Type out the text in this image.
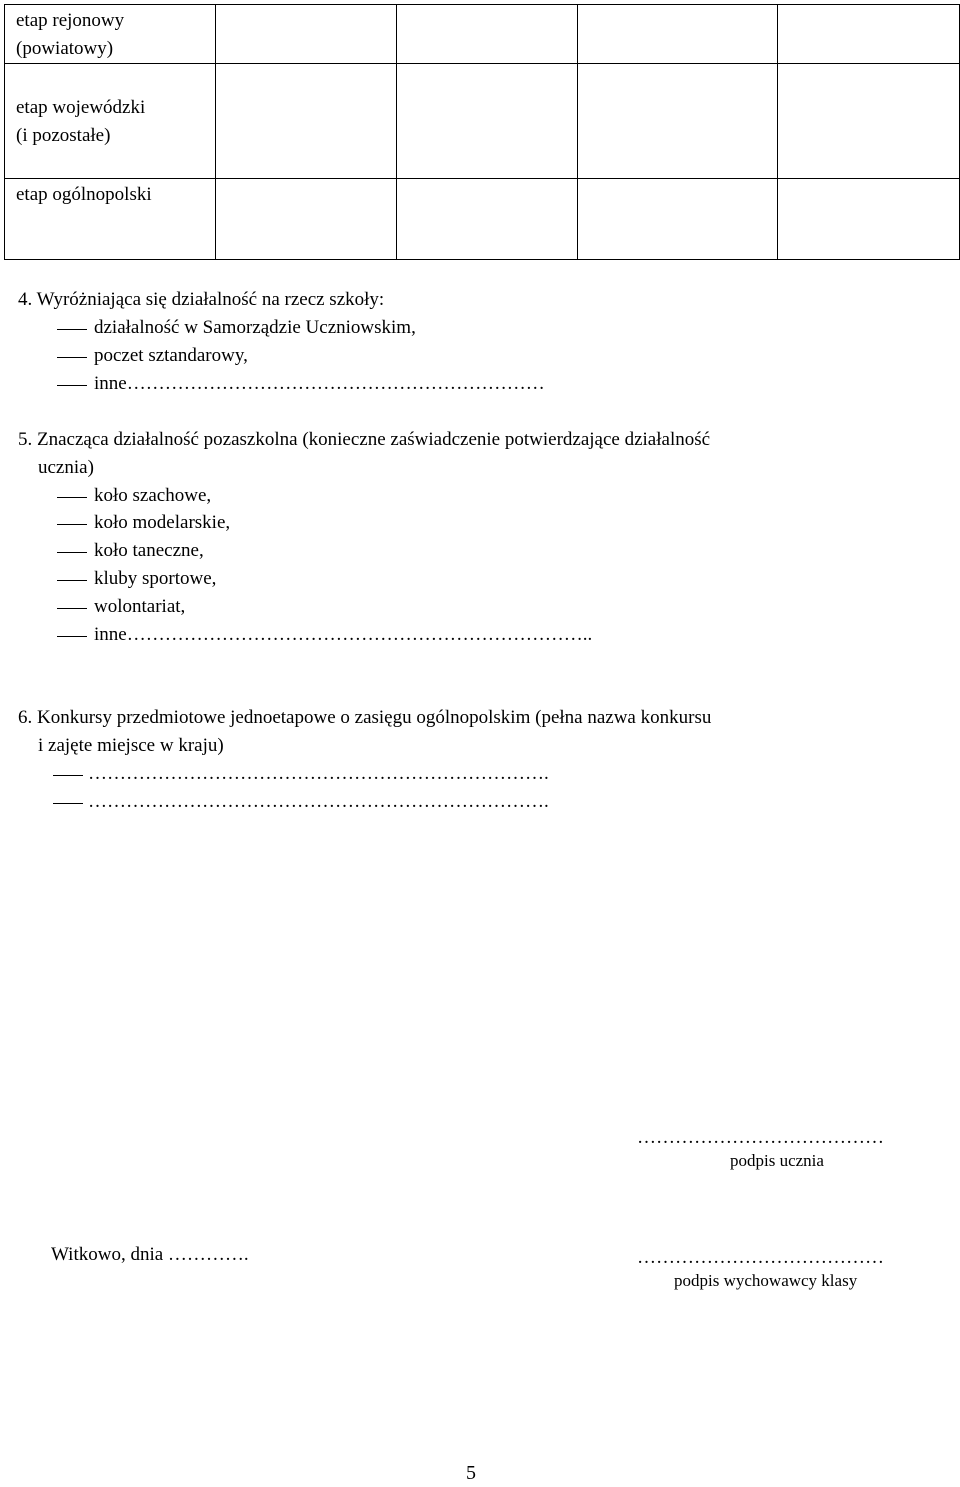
etap rejonowy
(powiatowy)				

etap wojewódzki
(i pozostałe)				

etap ogólnopolski				

4. Wyróżniająca się działalność na rzecz szkoły:
działalność w Samorządzie Uczniowskim,
poczet sztandarowy,
inne…………………………………………………………
5. Znacząca działalność pozaszkolna (konieczne zaświadczenie potwierdzające działalność
uczniа)
koło szachowe,
koło modelarskie,
koło taneczne,
kluby sportowe,
wolontariat,
inne………………………………………………………………..
6. Konkursy przedmiotowe jednoetapowe o zasięgu ogólnopolskim (pełna nazwa konkursu
i zajęte miejsce w kraju)
……………………………………………………………….
……………………………………………………………….
…………………………………
podpis ucznia
Witkowo, dnia ………….	…………………………………
podpis wychowawcy klasy
5
